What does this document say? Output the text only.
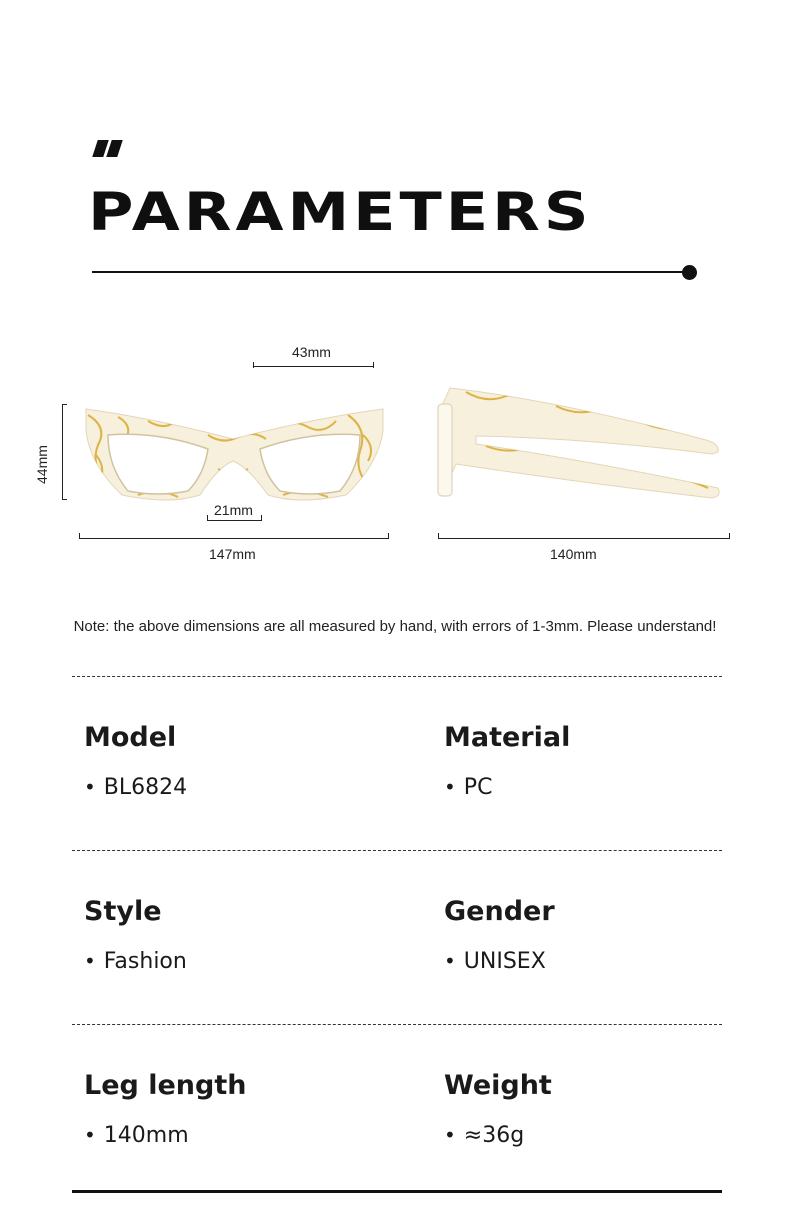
PARAMETERS
43mm
44mm
21mm
147mm	140mm
Note: the above dimensions are all measured by hand, with errors of 1-3mm. Please understand!
Model
• BL6824
Material
• PC
Style
• Fashion
Gender
• UNISEX
Leg length
• 140mm
Weight
• ≈36g
